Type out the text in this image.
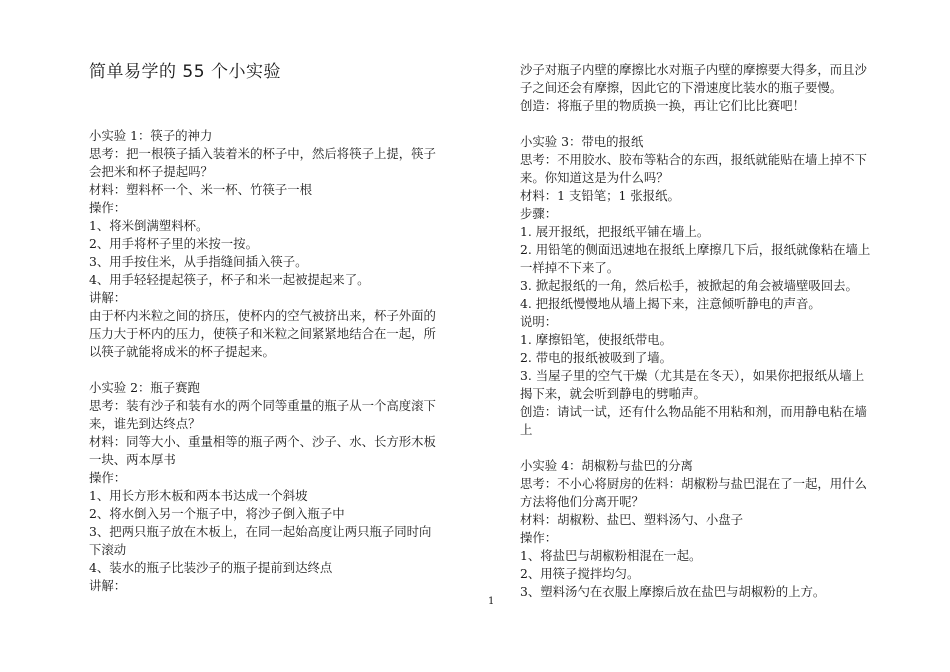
简单易学的 55 个小实验
小实验 1：筷子的神力
思考：把一根筷子插入装着米的杯子中，然后将筷子上提，筷子
会把米和杯子提起吗？
材料：塑料杯一个、米一杯、竹筷子一根
操作：
1、将米倒满塑料杯。
2、用手将杯子里的米按一按。
3、用手按住米，从手指缝间插入筷子。
4、用手轻轻提起筷子，杯子和米一起被提起来了。
讲解：
由于杯内米粒之间的挤压，使杯内的空气被挤出来，杯子外面的
压力大于杯内的压力，使筷子和米粒之间紧紧地结合在一起，所
以筷子就能将成米的杯子提起来。
小实验 2：瓶子赛跑
思考：装有沙子和装有水的两个同等重量的瓶子从一个高度滚下
来，谁先到达终点？
材料：同等大小、重量相等的瓶子两个、沙子、水、长方形木板
一块、两本厚书
操作：
1、用长方形木板和两本书达成一个斜坡
2、将水倒入另一个瓶子中，将沙子倒入瓶子中
3、把两只瓶子放在木板上，在同一起始高度让两只瓶子同时向
下滚动
4、装水的瓶子比装沙子的瓶子提前到达终点
讲解：
沙子对瓶子内壁的摩擦比水对瓶子内壁的摩擦要大得多，而且沙
子之间还会有摩擦，因此它的下滑速度比装水的瓶子要慢。
创造：将瓶子里的物质换一换，再让它们比比赛吧！
小实验 3：带电的报纸
思考：不用胶水、胶布等粘合的东西，报纸就能贴在墙上掉不下
来。你知道这是为什么吗？
材料：1 支铅笔；1 张报纸。
步骤：
1. 展开报纸，把报纸平铺在墙上。
2. 用铅笔的侧面迅速地在报纸上摩擦几下后，报纸就像粘在墙上
一样掉不下来了。
3. 掀起报纸的一角，然后松手，被掀起的角会被墙壁吸回去。
4. 把报纸慢慢地从墙上揭下来，注意倾听静电的声音。
说明：
1. 摩擦铅笔，使报纸带电。
2. 带电的报纸被吸到了墙。
3. 当屋子里的空气干燥（尤其是在冬天），如果你把报纸从墙上
揭下来，就会听到静电的劈啪声。
创造：请试一试，还有什么物品能不用粘和剂，而用静电粘在墙
上
小实验 4：胡椒粉与盐巴的分离
思考：不小心将厨房的佐料：胡椒粉与盐巴混在了一起，用什么
方法将他们分离开呢？
材料：胡椒粉、盐巴、塑料汤勺、小盘子
操作：
1、将盐巴与胡椒粉相混在一起。
2、用筷子搅拌均匀。
3、塑料汤勺在衣服上摩擦后放在盐巴与胡椒粉的上方。
1
